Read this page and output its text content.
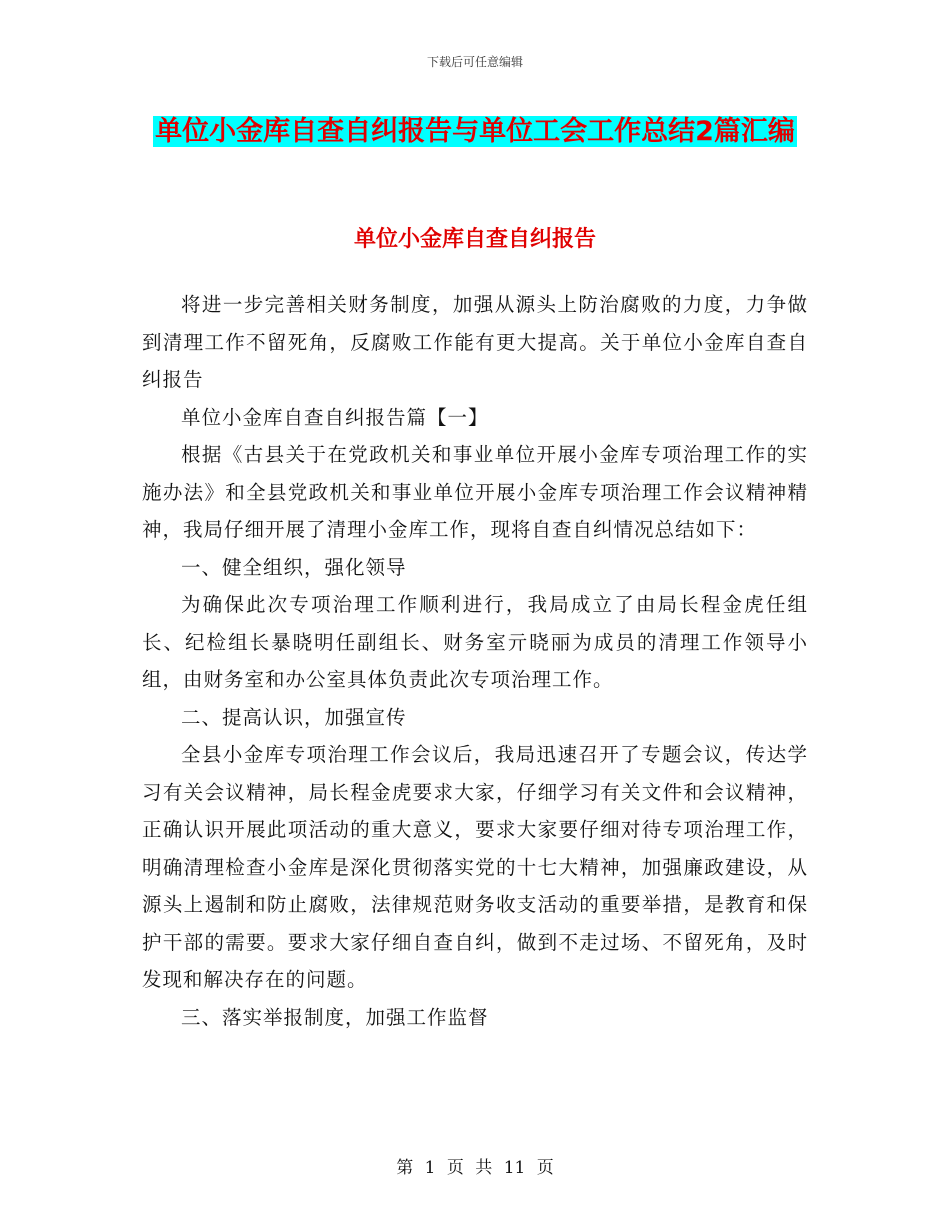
下载后可任意编辑
单位小金库自查自纠报告与单位工会工作总结2篇汇编
单位小金库自查自纠报告

将进一步完善相关财务制度，加强从源头上防治腐败的力度，力争做到清理工作不留死角，反腐败工作能有更大提高。关于单位小金库自查自纠报告

单位小金库自查自纠报告篇【一】

根据《古县关于在党政机关和事业单位开展小金库专项治理工作的实施办法》和全县党政机关和事业单位开展小金库专项治理工作会议精神精神，我局仔细开展了清理小金库工作，现将自查自纠情况总结如下：

一、健全组织，强化领导

为确保此次专项治理工作顺利进行，我局成立了由局长程金虎任组长、纪检组长暴晓明任副组长、财务室亓晓丽为成员的清理工作领导小组，由财务室和办公室具体负责此次专项治理工作。

二、提高认识，加强宣传

全县小金库专项治理工作会议后，我局迅速召开了专题会议，传达学习有关会议精神，局长程金虎要求大家，仔细学习有关文件和会议精神，正确认识开展此项活动的重大意义，要求大家要仔细对待专项治理工作，明确清理检查小金库是深化贯彻落实党的十七大精神，加强廉政建设，从源头上遏制和防止腐败，法律规范财务收支活动的重要举措，是教育和保护干部的需要。要求大家仔细自查自纠，做到不走过场、不留死角，及时发现和解决存在的问题。

三、落实举报制度，加强工作监督

第 1 页 共 11 页
